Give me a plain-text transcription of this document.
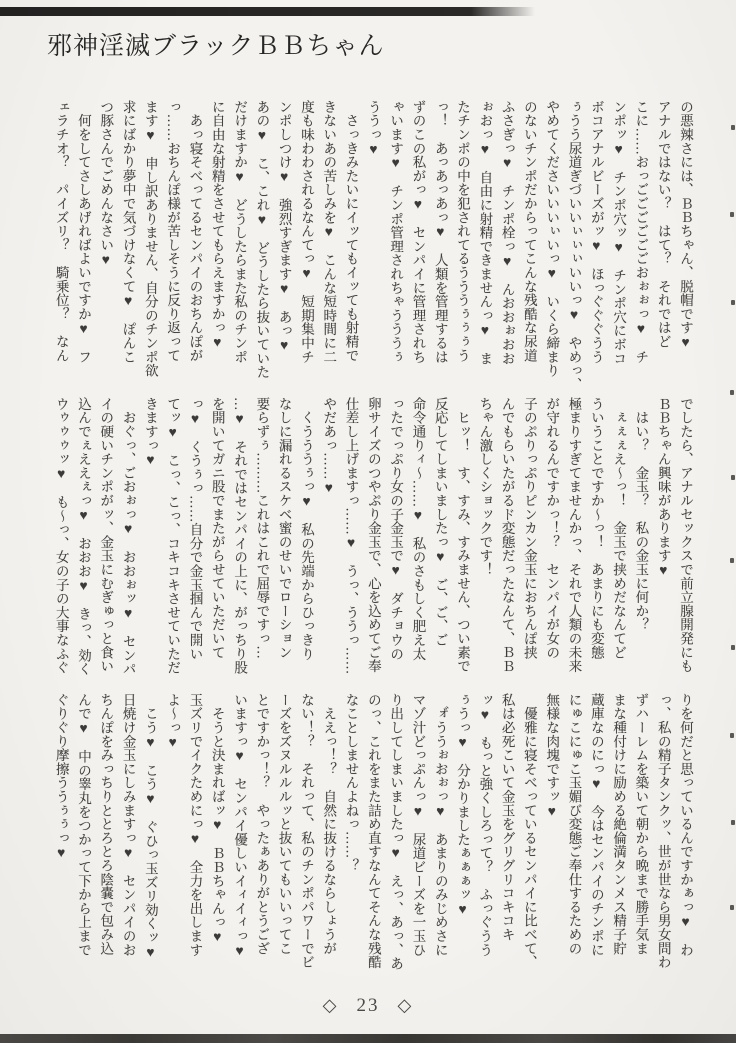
邪神淫滅ブラックＢＢちゃん
の悪辣さには、ＢＢちゃん、脱帽です♥
アナルではない？　はて？　それではど
こに……おっごごごごごごおぉぉっ♥　チ
ンポッ♥　チンポ穴ッ♥　チンポ穴にボコ
ボコアナルビーズがッ♥　ほっぐぐぐうう
ぅうう尿道ぎづいいぃぃぃいいっ♥　やめっ、
やめてくださいいいぃいっ♥　いくら締まり
のないチンポだからってこんな残酷な尿道
ふさぎっ♥　チンポ栓っ♥　んおおぉおお
ぉおっ♥　自由に射精できませんっ♥　ま
たチンポの中を犯されてるうううぅぅぅう
っ！　あっあっあっ♥　人類を管理するは
ずのこの私がっ♥　センパイに管理されち
ゃいます♥　チンポ管理されちゃうううぅ
ううっ♥
　さっきみたいにイッてもイッても射精で
きないあの苦しみを♥　こんな短時間に二
度も味わわされるなんてっ♥　短期集中チ
ンポしつけ♥　強烈すぎます♥　あっ♥
あの♥　こ、これ♥　どうしたら抜いていた
だけますか♥　どうしたらまた私のチンポ
に自由な射精をさせてもらえますかっ♥
　あっ寝そべってるセンパイのおちんぽが
っ……おちんぽ様が苦しそうに反り返って
ます♥　申し訳ありません、自分のチンポ欲
求にばかり夢中で気づけなくて♥　ぽんこ
つ豚さんでごめんなさい♥
　何をしてさしあげればよいですか♥　フ
ェラチオ？　パイズリ？　騎乗位？　なん
でしたら、アナルセックスで前立腺開発にも
ＢＢちゃん興味があります♥
　はい？　金玉？　私の金玉に何か？
　ぇぇぇえ～っ！　金玉で挟めだなんてど
ういうことですか～っ！　あまりにも変態
極まりすぎてませんかっ、それで人類の未来
が守れるんですかっ！？　センパイが女の
子のぷりっぷりピンカン金玉におちんぽ挟
んでもらいたがるド変態だったなんて、ＢＢ
ちゃん激しくショックです！
　ヒッ！　す、すみ、すみません、つい素で
反応してしまいましたっ♥　ご、ご、ご
命令通りィ～……♥　私のさもしく肥え太
ったでっぷり女の子金玉で♥　ダチョウの
卵サイズのつやぷり金玉で、心を込めてご奉
仕差し上げますっ……♥　うっ、ううっ……
やだあっ……♥
　くうううぅっ♥　私の先端からひっきり
なしに漏れるスケベ蜜のせいでローション
要らずぅ………これはこれで屈辱ですっ…
…♥　それではセンパイの上に、がっちり股
を開いてガニ股でまたがらせていただいて
っ♥　くうぅっ……自分で金玉掴んで開い
てッ♥　こっ、こっ、コキコキさせていただ
きますっ♥
　おぐっ、ごおぉっ♥　おおぉッ♥　センパ
イの硬いチンポがッ、金玉にむぎゅっと食い
込んでぇええぇっ♥　おおお♥　きっ、効く
ウゥゥゥッ♥　も～っ、女の子の大事なふぐ
りを何だと思っているんですかぁっ♥　わ
っ、私の精子タンクッ、世が世なら男女問わ
ずハーレムを築いて朝から晩まで勝手気ま
まな種付けに励める絶倫満タンメス精子貯
蔵庫なのにっ♥　今はセンパイのチンポに
にゅこにゅこ玉媚び変態ご奉仕するための
無様な肉塊ですッ♥
　優雅に寝そべっているセンパイに比べて、
私は必死こいて金玉をグリグリコキコキ
ッ♥　もっと強くしろって？　ふっぐうう
ぅうっ♥　分かりましたぁぁぁッ♥
　ォ゙ううぉおぉっ♥　あまりのみじめさに
マゾ汁どっぷんっ♥　尿道ビーズを一玉ひ
り出してしまいましたっ♥　えっ、あっ、あ
のっ、これをまた詰め直すなんてそんな残酷
なことしませんよねっ……？
　ええっ！？　自然に抜けるならしょうが
ない！？　それって、私のチンポパワーでビ
ーズをズヌルルルッと抜いてもいいってこ
とですかっ！？　やったぁありがとうござ
いますっ♥　センパイ優しいイィイィっ♥
　そうと決まればッ♥　ＢＢちゃんっ♥
玉ズリでイクためにっ♥　全力を出します
よ～っ♥
　こう♥　こう♥　ぐひっ玉ズリ効くッ♥
日焼け金玉にしみますっ♥　センパイのお
ちんぽをみっちりととろとろ陰嚢で包み込
んで♥　中の睾丸をつかって下から上まで
ぐりぐり摩擦ううぅぅっ♥
◇ 23 ◇
